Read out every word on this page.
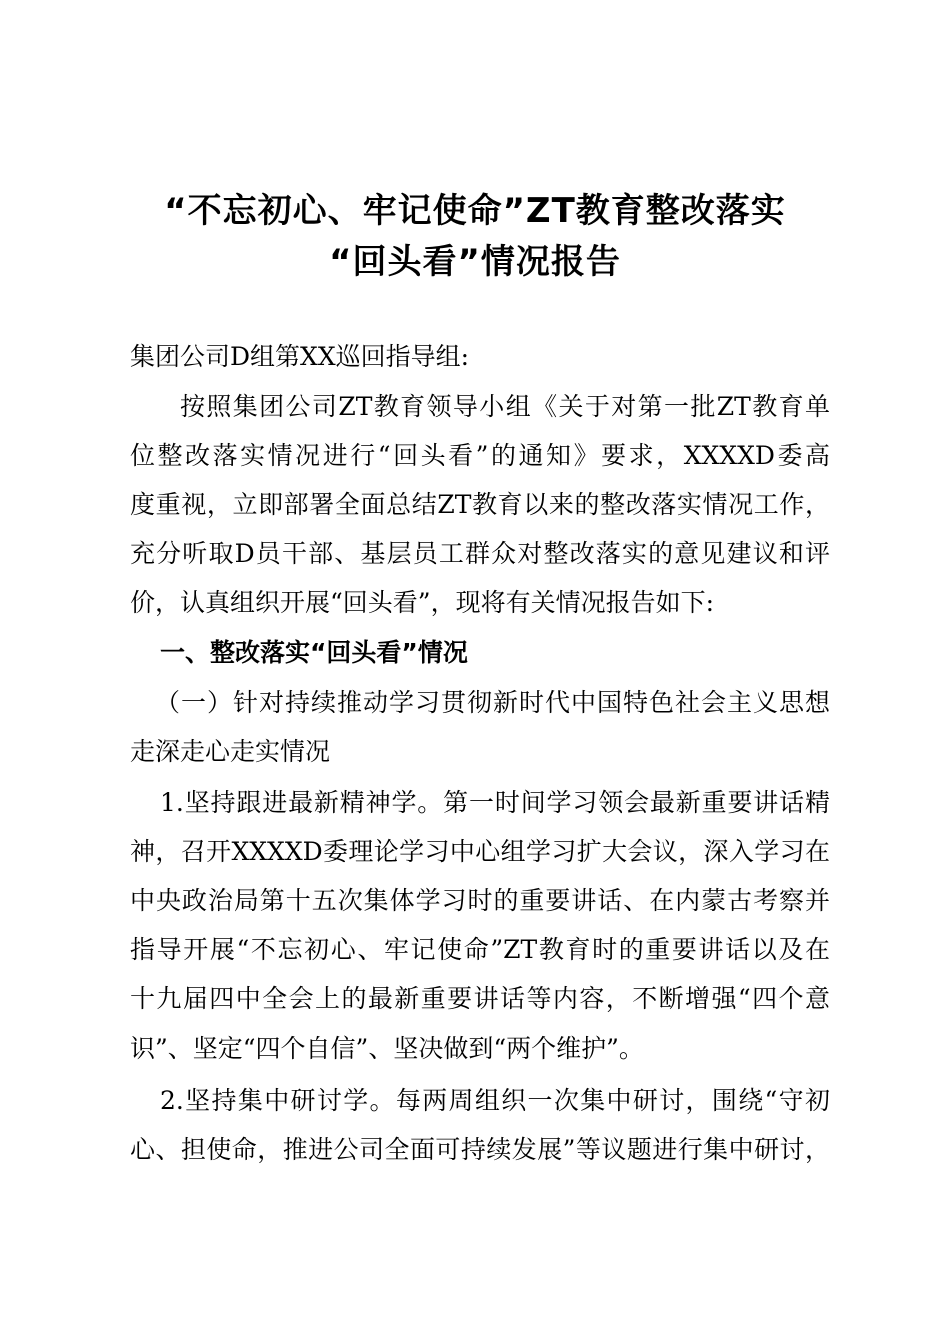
“不忘初心、牢记使命”ZT教育整改落实
“回头看”情况报告
集团公司D组第XX巡回指导组:
按照集团公司ZT教育领导小组《关于对第一批ZT教育单
位整改落实情况进行“回头看”的通知》要求，XXXXD委高
度重视，立即部署全面总结ZT教育以来的整改落实情况工作，
充分听取D员干部、基层员工群众对整改落实的意见建议和评
价，认真组织开展“回头看”，现将有关情况报告如下:
一、整改落实“回头看”情况
（一）针对持续推动学习贯彻新时代中国特色社会主义思想
走深走心走实情况
1.坚持跟进最新精神学。第一时间学习领会最新重要讲话精
神，召开XXXXD委理论学习中心组学习扩大会议，深入学习在
中央政治局第十五次集体学习时的重要讲话、在内蒙古考察并
指导开展“不忘初心、牢记使命”ZT教育时的重要讲话以及在
十九届四中全会上的最新重要讲话等内容，不断增强“四个意
识”、坚定“四个自信”、坚决做到“两个维护”。
2.坚持集中研讨学。每两周组织一次集中研讨，围绕“守初
心、担使命，推进公司全面可持续发展”等议题进行集中研讨，
